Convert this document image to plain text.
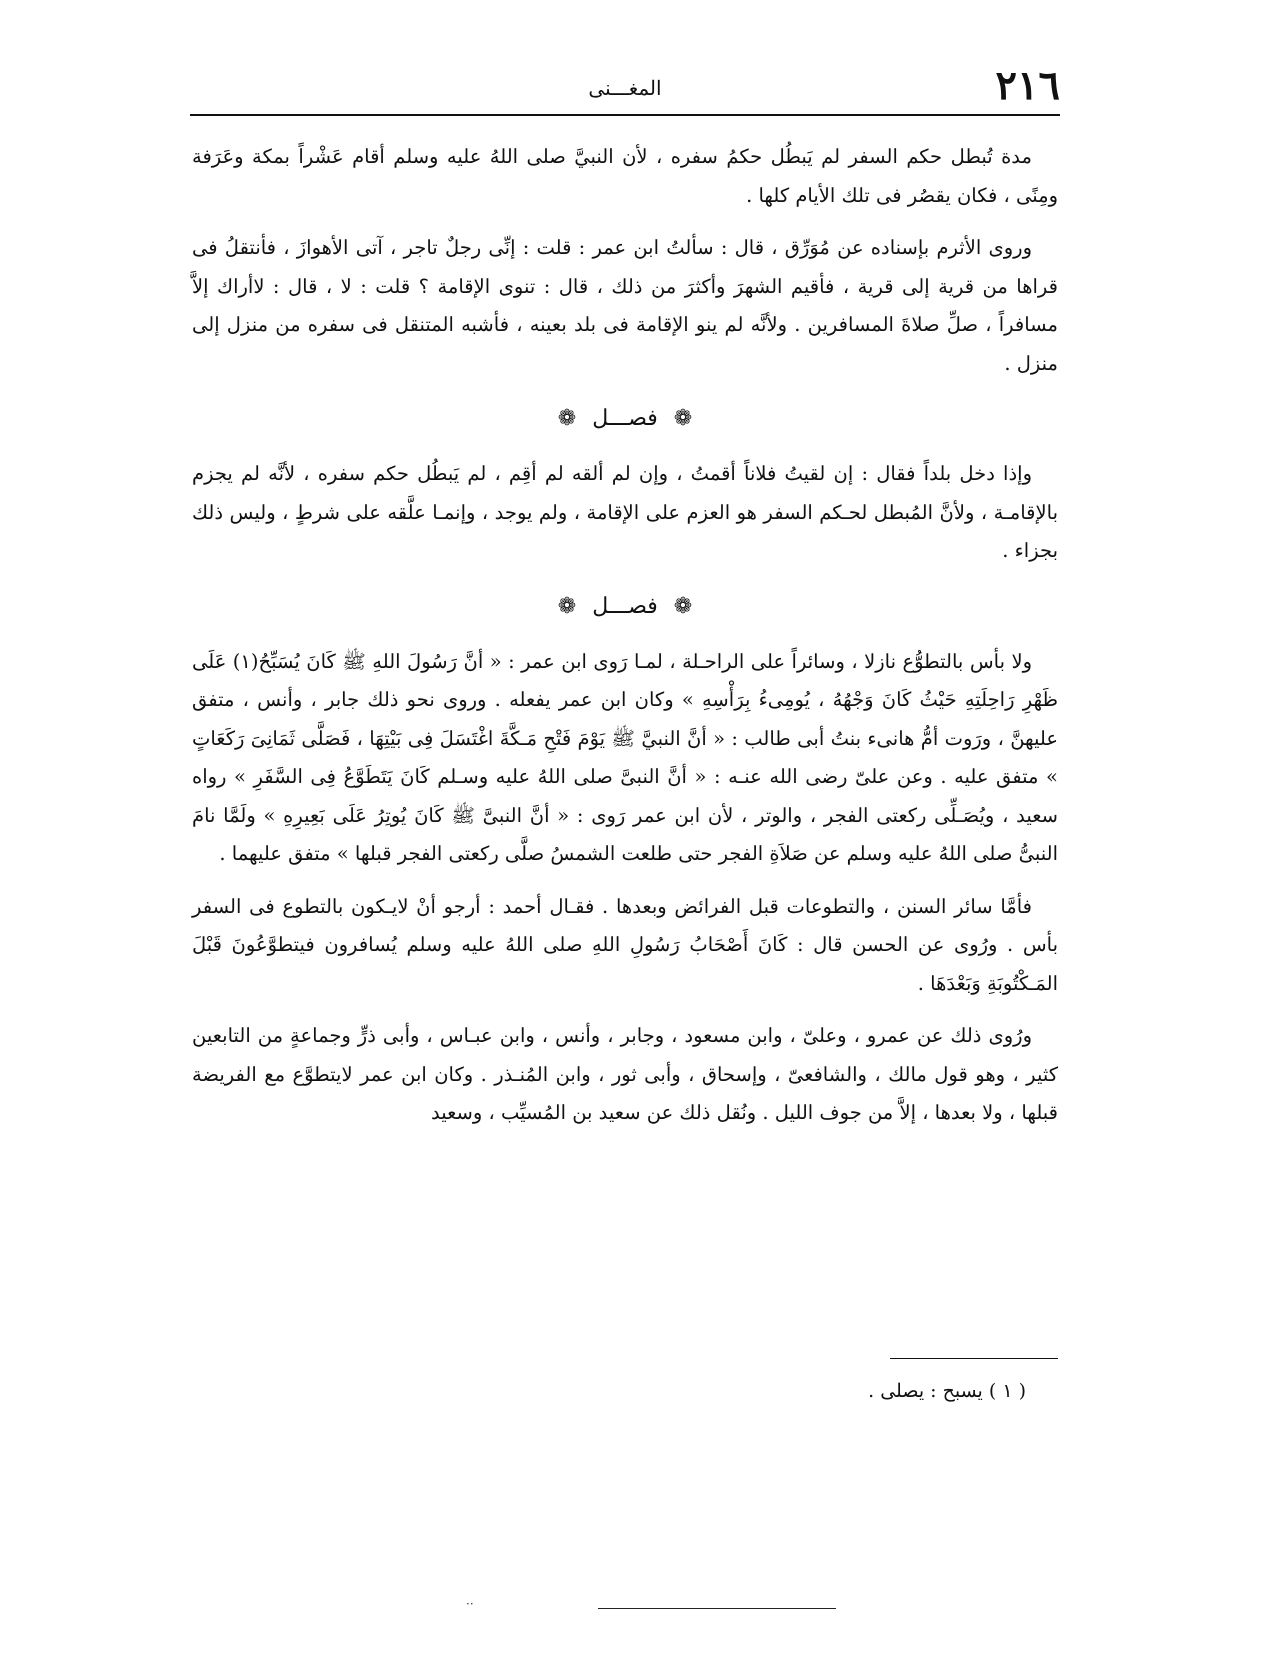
٢١٦
المغـــنى

مدة تُبطل حكم السفر لم يَبطُل حكمُ سفره ، لأن النبيَّ صلى اللهُ عليه وسلم أقام عَشْراً بمكة وعَرَفة ومِنًى ، فكان يقصُر فى تلك الأيام كلها .

وروى الأثرم بإسناده عن مُوَرِّق ، قال : سألتُ ابن عمر : قلت : إنِّى رجلٌ تاجر ، آتى الأهوازَ ، فأنتقلُ فى قراها من قرية إلى قرية ، فأقيم الشهرَ وأكثرَ من ذلك ، قال : تنوى الإقامة ؟ قلت : لا ، قال : لاأراك إلاَّ مسافراً ، صلِّ صلاةَ المسافرين . ولأنَّه لم ينو الإقامة فى بلد بعينه ، فأشبه المتنقل فى سفره من منزل إلى منزل .

❁
فصـــل
❁

وإذا دخل بلداً فقال : إن لقيتُ فلاناً أقمتُ ، وإن لم ألقه لم أقِم ، لم يَبطُل حكم سفره ، لأنَّه لم يجزم بالإقامـة ، ولأنَّ المُبطل لحـكم السفر هو العزم على الإقامة ، ولم يوجد ، وإنمـا علَّقه على شرطٍ ، وليس ذلك بجزاء .

❁
فصـــل
❁

ولا بأس بالتطوُّع نازلا ، وسائراً على الراحـلة ، لمـا رَوى ابن عمر : « أنَّ رَسُولَ اللهِ ﷺ كَانَ يُسَبِّحُ(١) عَلَى ظَهْرِ رَاحِلَتِهِ حَيْثُ كَانَ وَجْهُهُ ، يُومِىءُ بِرَأْسِهِ » وكان ابن عمر يفعله . وروى نحو ذلك جابر ، وأنس ، متفق عليهنَّ ، ورَوت أمُّ هانىء بنتُ أبى طالب : « أنَّ النبيَّ ﷺ يَوْمَ فَتْحِ مَـكَّةَ اغْتَسَلَ فِى بَيْتِهَا ، فَصَلَّى ثَمَانِىَ رَكَعَاتٍ » متفق عليه . وعن علىّ رضى الله عنـه : « أنَّ النبىَّ صلى اللهُ عليه وسـلم كَانَ يَتَطَوَّعُ فِى السَّفَرِ » رواه سعيد ، ويُصَـلِّى ركعتى الفجر ، والوتر ، لأن ابن عمر رَوى : « أنَّ النبىَّ ﷺ كَانَ يُوتِرُ عَلَى بَعِيرِهِ » ولَمَّا نامَ النبىُّ صلى اللهُ عليه وسلم عن صَلاَةِ الفجر حتى طلعت الشمسُ صلَّى ركعتى الفجر قبلها » متفق عليهما .

فأمَّا سائر السنن ، والتطوعات قبل الفرائض وبعدها . فقـال أحمد : أرجو أنْ لايـكون بالتطوع فى السفر بأس . ورُوى عن الحسن قال : كَانَ أَصْحَابُ رَسُولِ اللهِ صلى اللهُ عليه وسلم يُسافرون فيتطوَّعُونَ قَبْلَ المَـكْتُوبَةِ وَبَعْدَهَا .

ورُوى ذلك عن عمرو ، وعلىّ ، وابن مسعود ، وجابر ، وأنس ، وابن عبـاس ، وأبى ذرٍّ وجماعةٍ من التابعين كثير ، وهو قول مالك ، والشافعىّ ، وإسحاق ، وأبى ثور ، وابن المُنـذر . وكان ابن عمر لايتطوَّع مع الفريضة قبلها ، ولا بعدها ، إلاَّ من جوف الليل . ونُقل ذلك عن سعيد بن المُسيِّب ، وسعيد

( ١ ) يسبح : يصلى .
··
